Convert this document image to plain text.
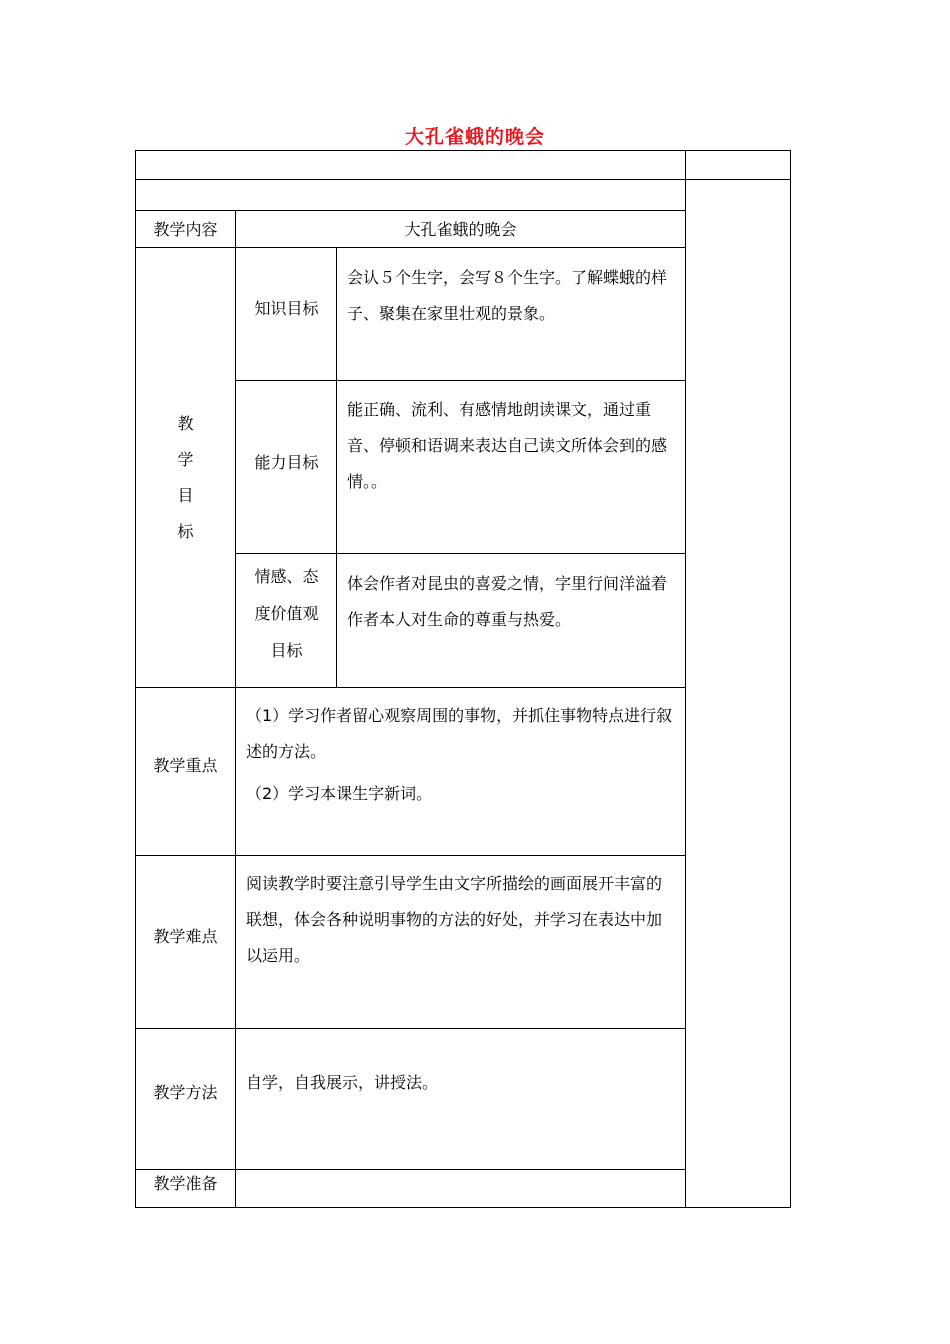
大孔雀蛾的晚会
教学内容	大孔雀蛾的晚会
教
学
目
标
知识目标
会认５个生字，会写８个生字。了解蝶蛾的样子、聚集在家里壮观的景象。
能力目标
能正确、流利、有感情地朗读课文，通过重音、停顿和语调来表达自己读文所体会到的感情。。
情感、态
度价值观
目标
体会作者对昆虫的喜爱之情，字里行间洋溢着作者本人对生命的尊重与热爱。
教学重点
（1）学习作者留心观察周围的事物，并抓住事物特点进行叙述的方法。
（2）学习本课生字新词。
教学难点
阅读教学时要注意引导学生由文字所描绘的画面展开丰富的联想，体会各种说明事物的方法的好处，并学习在表达中加以运用。
教学方法	自学，自我展示，讲授法。
教学准备
